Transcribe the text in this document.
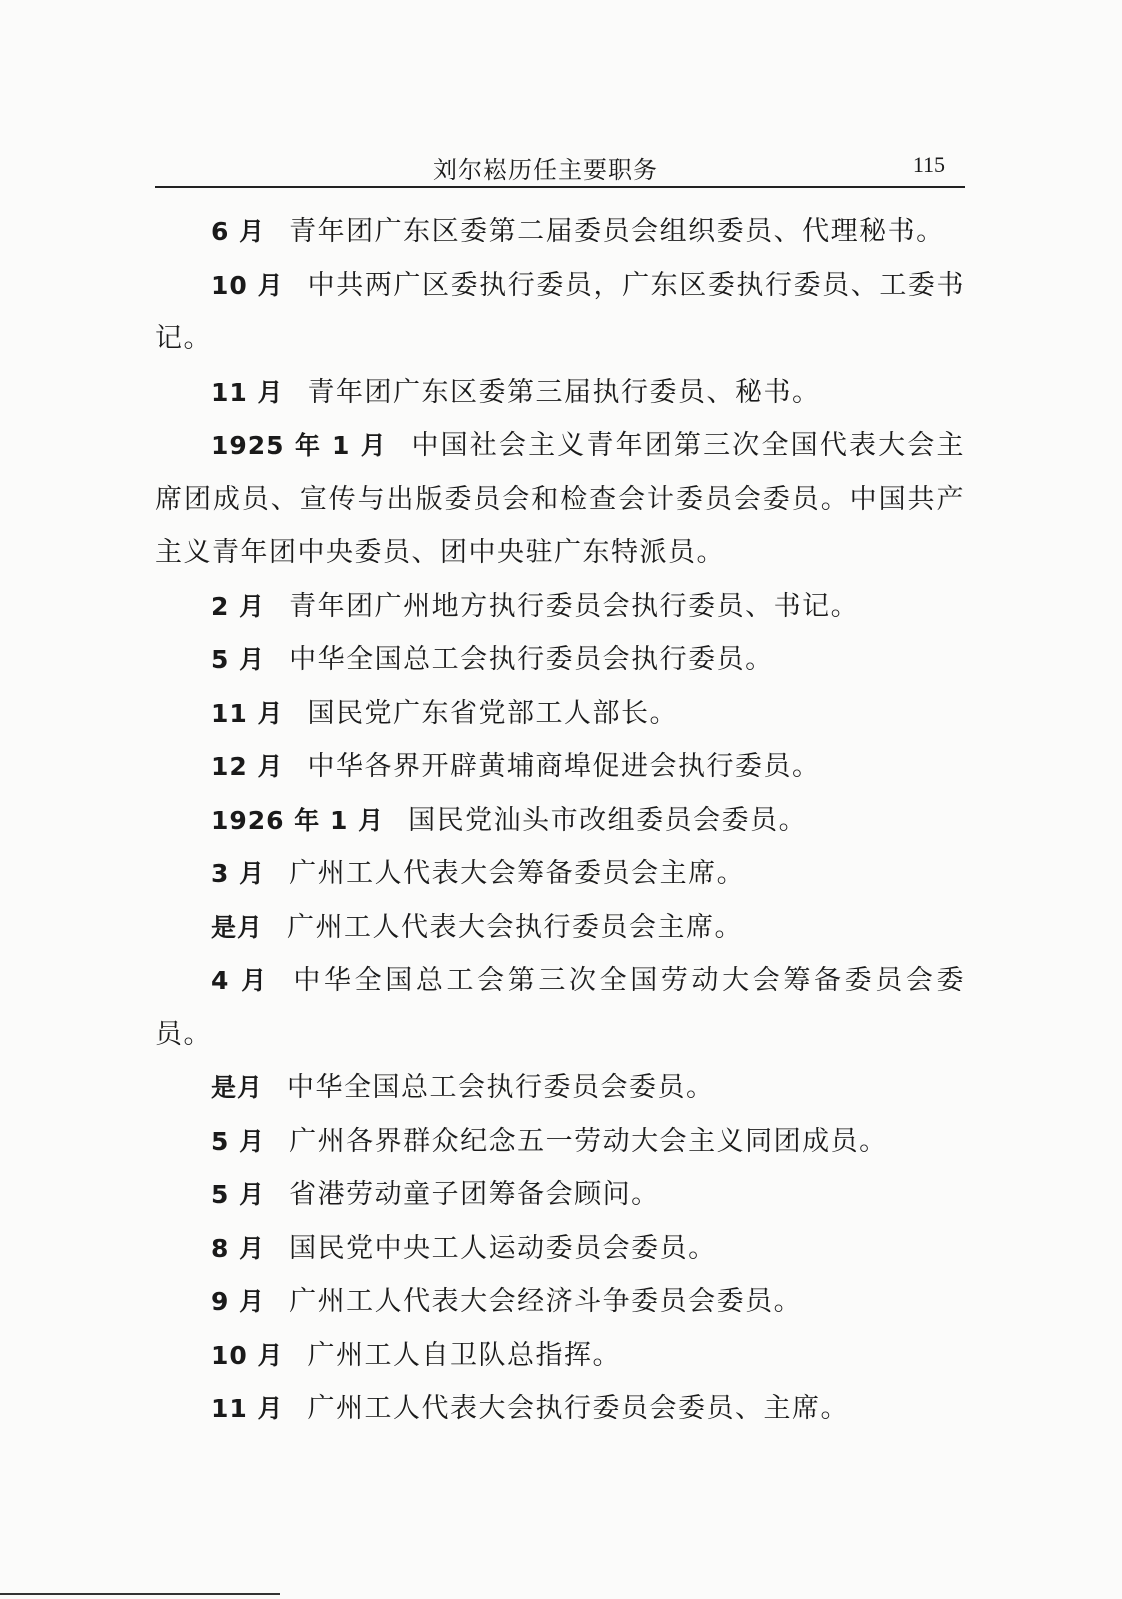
刘尔崧历任主要职务	115

6 月 青年团广东区委第二届委员会组织委员、代理秘书。

10 月 中共两广区委执行委员，广东区委执行委员、工委书记。

11 月 青年团广东区委第三届执行委员、秘书。

1925 年 1 月 中国社会主义青年团第三次全国代表大会主席团成员、宣传与出版委员会和检查会计委员会委员。中国共产主义青年团中央委员、团中央驻广东特派员。

2 月 青年团广州地方执行委员会执行委员、书记。

5 月 中华全国总工会执行委员会执行委员。

11 月 国民党广东省党部工人部长。

12 月 中华各界开辟黄埔商埠促进会执行委员。

1926 年 1 月 国民党汕头市改组委员会委员。

3 月 广州工人代表大会筹备委员会主席。

是月 广州工人代表大会执行委员会主席。

4 月 中华全国总工会第三次全国劳动大会筹备委员会委员。

是月 中华全国总工会执行委员会委员。

5 月 广州各界群众纪念五一劳动大会主义同团成员。

5 月 省港劳动童子团筹备会顾问。

8 月 国民党中央工人运动委员会委员。

9 月 广州工人代表大会经济斗争委员会委员。

10 月 广州工人自卫队总指挥。

11 月 广州工人代表大会执行委员会委员、主席。
